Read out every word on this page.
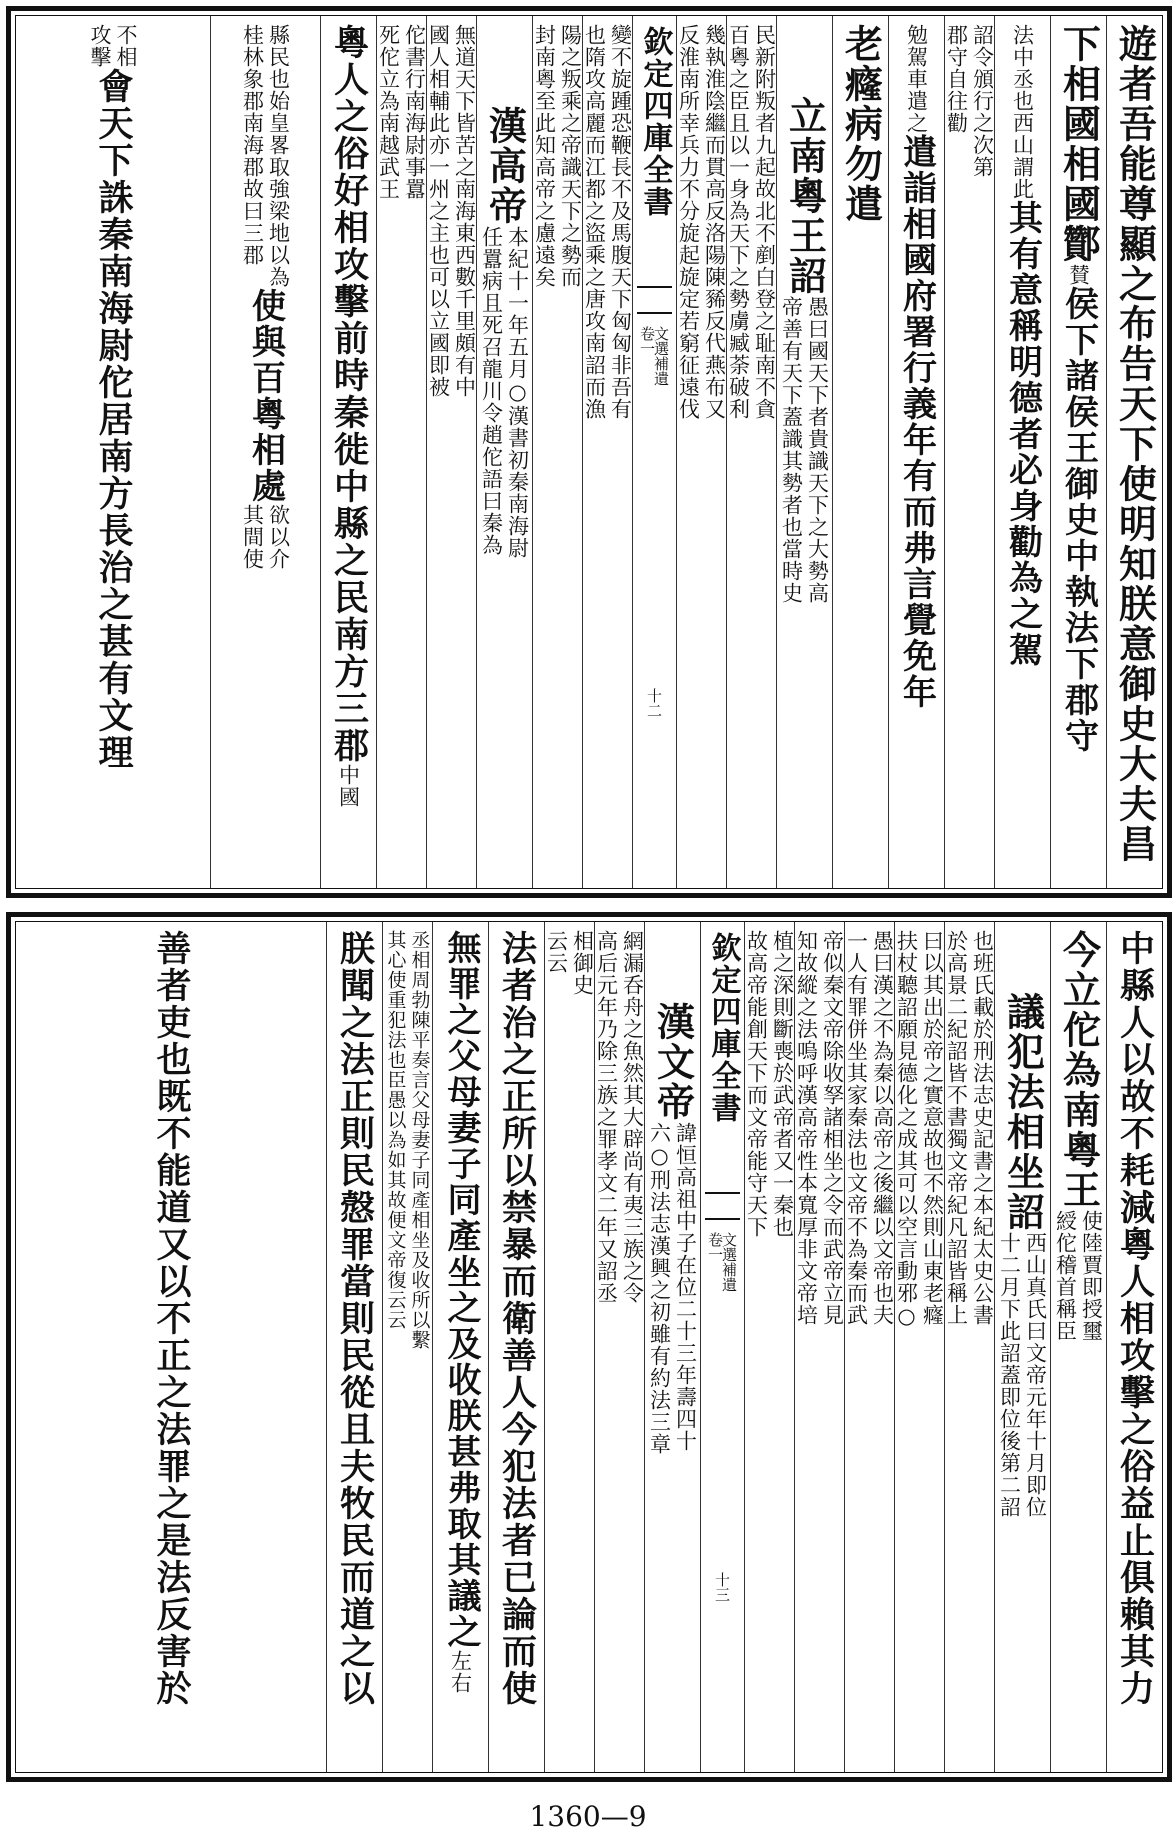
遊者吾能尊顯之布告天下使明知朕意御史大夫昌
下相國相國酇
賛
侯下諸侯王御史中執法下郡守
法中丞也西山謂此
其有意稱明德者必身勸為之駕
詔令頒行之次第
郡守自往勸
勉駕車遣之
遣詣相國府署行義年有而弗言覺免年
老癃病勿遣
立南粵王詔
愚曰國天下者貴識天下之大勢高
帝善有天下蓋識其勢者也當時史
民新附叛者九起故北不剷白登之耻南不貪
百粵之臣且以一身為天下之勢虜臧荼破利
幾執淮陰繼而貫高反洛陽陳豨反代燕布又
反淮南所幸兵力不分旋起旋定若窮征遠伐
欽定四庫全書
卷一
文選補遺
十二
變不旋踵恐鞭長不及馬腹天下匈匈非吾有
也隋攻高麗而江都之盜乘之唐攻南詔而漁
陽之叛乘之帝識天下之勢而
封南粵至此知高帝之慮遠矣
漢高帝
本紀十一年五月○漢書初秦南海尉
任囂病且死召龍川令趙佗語曰秦為
無道天下皆苦之南海東西數千里頗有中
國人相輔此亦一州之主也可以立國即被
佗書行南海尉事囂
死佗立為南越武王
粵人之俗好相攻擊前時秦徙中縣之民南方三郡
中國
縣民也始皇畧取強梁地以為
桂林象郡南海郡故曰三郡
使與百粵相處
欲以介
其間使
不相
攻擊
會天下誅秦南海尉佗居南方長治之甚有文理
中縣人以故不耗減粵人相攻擊之俗益止俱賴其力
今立佗為南粵王
使陸賈即授璽
綬佗稽首稱臣
議犯法相坐詔
西山真氏曰文帝元年十月即位
十二月下此詔蓋即位後第二詔
也班氏載於刑法志史記書之本紀太史公書
於高景二紀詔皆不書獨文帝紀凡詔皆稱上
曰以其出於帝之實意故也不然則山東老癃
扶杖聽詔願見德化之成其可以空言動邪○
愚曰漢之不為秦以高帝之後繼以文帝也夫
一人有罪併坐其家秦法也文帝不為秦而武
帝似秦文帝除收孥諸相坐之令而武帝立見
知故縱之法嗚呼漢高帝性本寬厚非文帝培
植之深則斷喪於武帝者又一秦也
故高帝能創天下而文帝能守天下
欽定四庫全書
卷一
文選補遺
十三
漢文帝
諱恒高祖中子在位二十三年壽四十
六○刑法志漢興之初雖有約法三章
網漏呑舟之魚然其大辟尚有夷三族之令
高后元年乃除三族之罪孝文二年又詔丞
相御史
云云
法者治之正所以禁暴而衛善人今犯法者已論而使
無罪之父母妻子同產坐之及收朕甚弗取其議之
左右
丞相周勃陳平奏言父母妻子同產相坐及收所以繫
其心使重犯法也臣愚以為如其故便文帝復云云
朕聞之法正則民慤罪當則民從且夫牧民而道之以
善者吏也既不能道又以不正之法罪之是法反害於
1360—9
